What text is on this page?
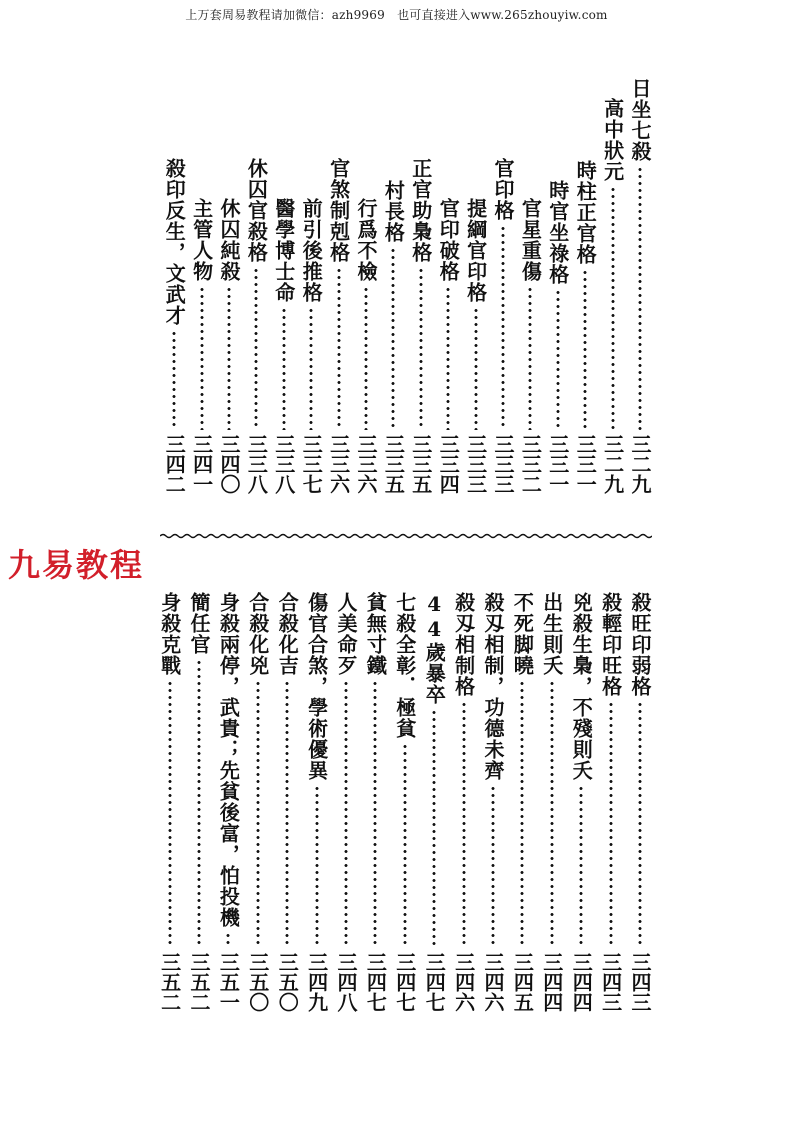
上万套周易教程请加微信：azh9969　也可直接进入www.265zhouyiw.com
九易教程
日坐七殺
三二九
高中狀元
三二九
時柱正官格
三三一
時官坐祿格
三三一
官星重傷
三三二
官印格
三三三
提綱官印格
三三三
官印破格
三三四
正官助梟格
三三五
村長格
三三五
行爲不檢
三三六
官煞制剋格
三三六
前引後推格
三三七
醫學博士命
三三八
休囚官殺格
三三八
休囚純殺
三四〇
主管人物
三四一
殺印反生，文武才
三四二
殺旺印弱格
三四三
殺輕印旺格
三四三
兇殺生梟，不殘則夭
三四四
出生則夭
三四四
不死脚曉
三四五
殺刄相制，功德未齊
三四六
殺刄相制格
三四六
44歲暴卒
三四七
七殺全彰．極貧
三四七
貧無寸鐵
三四七
人美命歹
三四八
傷官合煞，學術優異
三四九
合殺化吉
三五〇
合殺化兇
三五〇
身殺兩停，武貴；先貧後富，怕投機
三五一
簡任官
三五二
身殺克戰
三五二
